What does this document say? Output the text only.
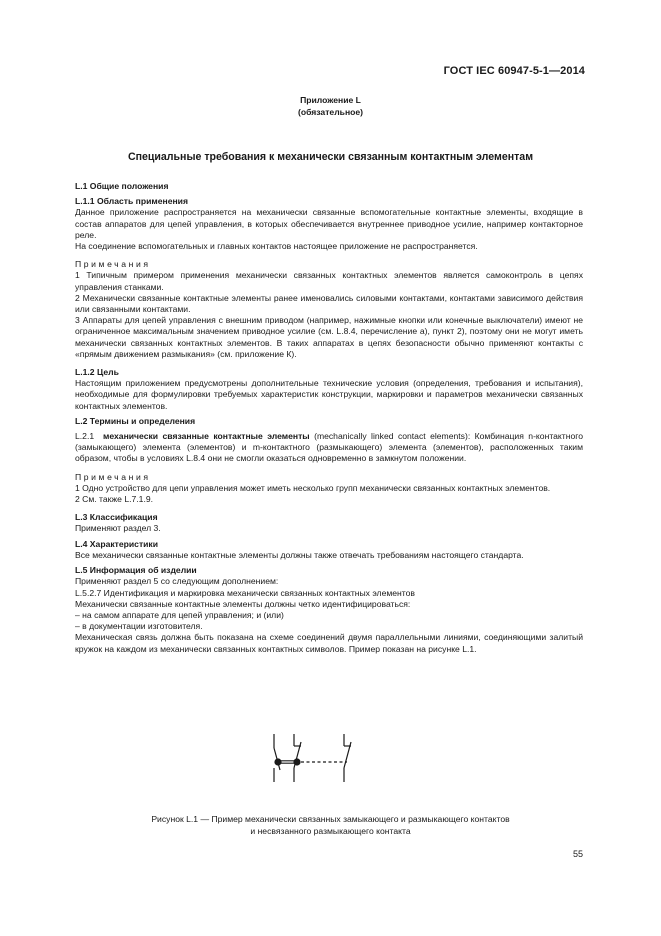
ГОСТ IEC 60947-5-1—2014
Приложение L
(обязательное)
Специальные требования к механически связанным контактным элементам

L.1 Общие положения

L.1.1 Область применения

Данное приложение распространяется на механически связанные вспомогательные контактные элементы, входящие в состав аппаратов для цепей управления, в которых обеспечивается внутреннее приводное усилие, например контакторное реле.

На соединение вспомогательных и главных контактов настоящее приложение не распространяется.

Примечания

1 Типичным примером применения механически связанных контактных элементов является самоконтроль в цепях управления станками.

2 Механически связанные контактные элементы ранее именовались силовыми контактами, контактами зависимого действия или связанными контактами.

3 Аппараты для цепей управления с внешним приводом (например, нажимные кнопки или конечные выключатели) имеют не ограниченное максимальным значением приводное усилие (см. L.8.4, перечисление а), пункт 2), поэтому они не могут иметь механически связанных контактных элементов. В таких аппаратах в цепях безопасности обычно применяют контакты с «прямым движением размыкания» (см. приложение К).

L.1.2 Цель

Настоящим приложением предусмотрены дополнительные технические условия (определения, требования и испытания), необходимые для формулировки требуемых характеристик конструкции, маркировки и параметров механически связанных контактных элементов.

L.2 Термины и определения

L.2.1 механически связанные контактные элементы (mechanically linked contact elements): Комбинация n-контактного (замыкающего) элемента (элементов) и m-контактного (размыкающего) элемента (элементов), расположенных таким образом, чтобы в условиях L.8.4 они не смогли оказаться одновременно в замкнутом положении.

Примечания

1 Одно устройство для цепи управления может иметь несколько групп механически связанных контактных элементов.

2 См. также L.7.1.9.

L.3 Классификация

Применяют раздел 3.

L.4 Характеристики

Все механически связанные контактные элементы должны также отвечать требованиям настоящего стандарта.

L.5 Информация об изделии

Применяют раздел 5 со следующим дополнением:

L.5.2.7 Идентификация и маркировка механически связанных контактных элементов

Механически связанные контактные элементы должны четко идентифицироваться:

– на самом аппарате для цепей управления; и (или)

– в документации изготовителя.

Механическая связь должна быть показана на схеме соединений двумя параллельными линиями, соединяющими залитый кружок на каждом из механически связанных контактных символов. Пример показан на рисунке L.1.

Рисунок L.1 — Пример механически связанных замыкающего и размыкающего контактов
и несвязанного размыкающего контакта
55
